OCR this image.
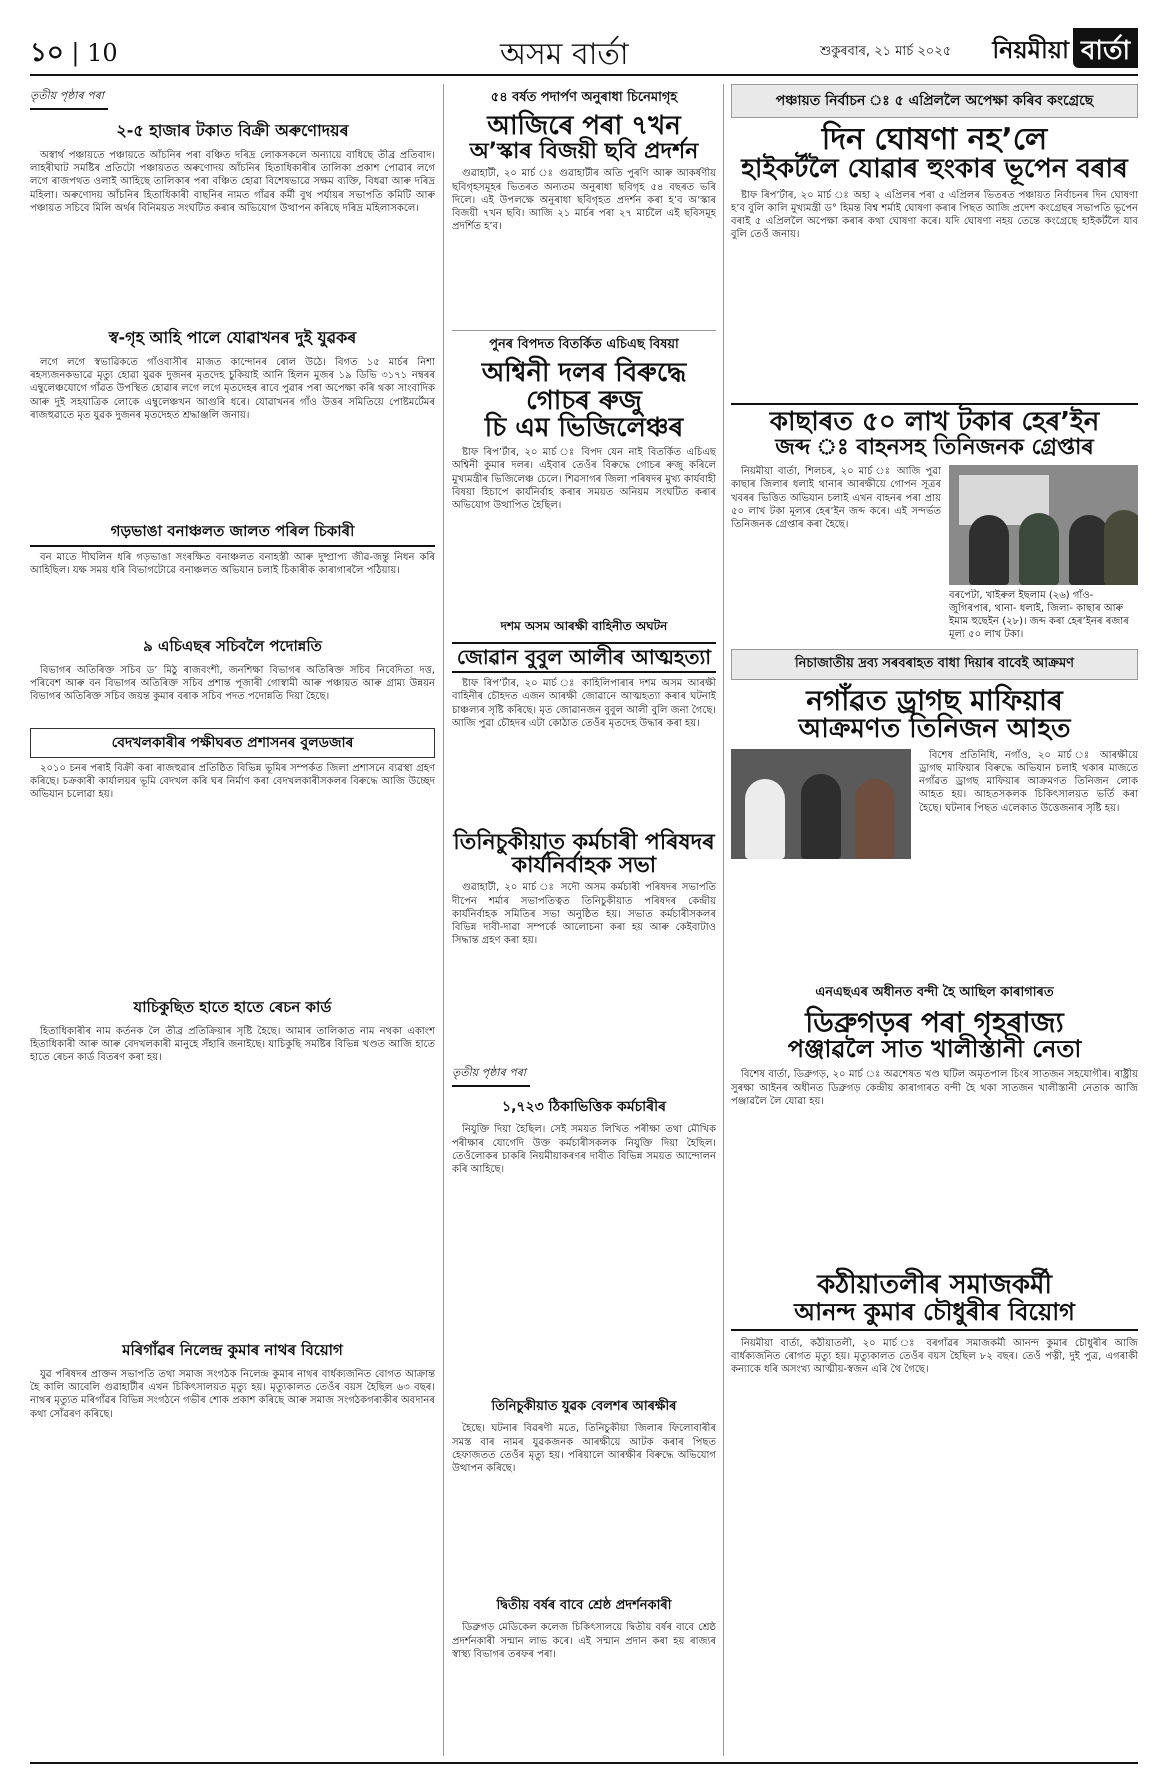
১০ | 10	অসম বাৰ্তা	শুকুৰবাৰ, ২১ মাৰ্চ ২০২৫ নিয়মীয়া বাৰ্তা
তৃতীয় পৃষ্ঠাৰ পৰা
২-৫ হাজাৰ টকাত বিক্ৰী অৰুণোদয়ৰ

অস্বাৰ্থ পঞ্চায়তে পঞ্চায়তে আঁচনিৰ পৰা বঞ্চিত দৰিদ্ৰ লোকসকলে অন্যায়ে বাধিছে তীব্ৰ প্ৰতিবাদ। লাহৰীঘাট সমষ্টিৰ প্ৰতিটো পঞ্চায়তত অৰুণোদয় আঁচনিৰ হিতাধিকাৰীৰ তালিকা প্ৰকাশ পোৱাৰ লগে লগে ৰাজপথত ওলাই আহিছে তালিকাৰ পৰা বঞ্চিত হোৱা বিশেষভাৱে সক্ষম ব্যক্তি, বিধৱা আৰু দৰিদ্ৰ মহিলা। অৰুণোদয় আঁচনিৰ হিতাধিকাৰী বাছনিৰ নামত গাঁৱৰ কৰ্মী বুথ পৰ্যায়ৰ সভাপতি কমিটি আৰু পঞ্চায়ত সচিবে মিলি অৰ্থৰ বিনিময়ত সংঘটিত কৰাৰ অভিযোগ উত্থাপন কৰিছে দৰিদ্ৰ মহিলাসকলে।

স্ব-গৃহ আহি পালে যোৱাখনৰ দুই যুৱকৰ

লগে লগে স্বভাৱিকতে গাঁওবাসীৰ মাজত কান্দোনৰ ৰোল উঠে। বিগত ১৫ মাৰ্চৰ নিশা ৰহস্যজনকভাৱে মৃত্যু হোৱা যুৱক দুজনৰ মৃতদেহ চুকিয়াই আনি হিলন মুজৰ ১৯ ডিভি ৩১৭১ নম্বৰৰ এম্বুলেঞ্চযোগে গাঁৱত উপস্থিত হোৱাৰ লগে লগে মৃতদেহৰ ৰাবে পুৱাৰ পৰা অপেক্ষা কৰি থকা সাংবাদিক আৰু দুই সহযাত্ৰিক লোকে এম্বুলেঞ্চখন আগুৰি ধৰে। যোৱাখনৰ গাঁও উত্তৰ সমিতিয়ে পোষ্টমৰ্টেমৰ ৰাজহুৱাতে মৃত যুৱক দুজনৰ মৃতদেহত শ্ৰদ্ধাঞ্জলি জনায়।

গড়ভাঙা বনাঞ্চলত জালত পৰিল চিকাৰী

বন মাতে দীঘলিন ধৰি গড়ভাঙা সংৰক্ষিত বনাঞ্চলত বনাহস্তী আৰু দুষ্প্ৰাপ্য জীৱ-জন্তু নিধন কৰি আহিছিল। যক্ষ সময় ধৰি বিভাগটোৱে বনাঞ্চলত অভিযান চলাই চিকাৰীক কাৰাগাৰলৈ পঠিয়ায়।

৯ এচিএছৰ সচিবলৈ পদোন্নতি

বিভাগৰ অতিৰিক্ত সচিব ড’ মিঠু ৰাজবংশী, জনশিক্ষা বিভাগৰ অতিৰিক্ত সচিব নিবেদিতা দত্ত, পৰিবেশ আৰু বন বিভাগৰ অতিৰিক্ত সচিব প্ৰশান্ত পূজাৰী গোস্বামী আৰু পঞ্চায়ত আৰু গ্ৰাম্য উন্নয়ন বিভাগৰ অতিৰিক্ত সচিব জয়ন্ত কুমাৰ বৰাক সচিব পদত পদোন্নতি দিয়া হৈছে।

বেদখলকাৰীৰ পক্ষীঘৰত প্ৰশাসনৰ বুলডজাৰ

২০১০ চনৰ পৰাই বিক্ৰী কৰা ৰাজহুৱাৰ প্ৰতিষ্ঠিত বিভিন্ন ভূমিৰ সম্পৰ্কত জিলা প্ৰশাসনে ব্যৱস্থা গ্ৰহণ কৰিছে। চক্ৰকাৰী কাৰ্যালয়ৰ ভূমি বেদখল কৰি ঘৰ নিৰ্মাণ কৰা বেদখলকাৰীসকলৰ বিৰুদ্ধে আজি উচ্ছেদ অভিযান চলোৱা হয়।

যাচিকুছিত হাতে হাতে ৰেচন কাৰ্ড

হিতাধিকাৰীৰ নাম কৰ্তনক লৈ তীব্ৰ প্ৰতিক্ৰিয়াৰ সৃষ্টি হৈছে। আমাৰ তালিকাত নাম নথকা একাংশ হিতাধিকাৰী আৰু আৰু বেদখলকাৰী মানুহে সঁহাৰি জনাইছে। যাচিকুছি সমষ্টিৰ বিভিন্ন খণ্ডত আজি হাতে হাতে ৰেচন কাৰ্ড বিতৰণ কৰা হয়।

মৰিগাঁৱৰ নিলেন্দ্ৰ কুমাৰ নাথৰ বিয়োগ

যুৱ পৰিষদৰ প্ৰাক্তন সভাপতি তথা সমাজ সংগঠক নিলেন্দ্ৰ কুমাৰ নাথৰ বাৰ্ধক্যজনিত বোগত আক্ৰান্ত হৈ কালি আবেলি গুৱাহাটীৰ এখন চিকিৎসালয়ত মৃত্যু হয়। মৃত্যুকালত তেওঁৰ বয়স হৈছিল ৬৩ বছৰ। নাথৰ মৃত্যুত মৰিগাঁৱৰ বিভিন্ন সংগঠনে গভীৰ শোক প্ৰকাশ কৰিছে আৰু সমাজ সংগঠকগৰাকীৰ অবদানৰ কথা সোঁৱৰণ কৰিছে।

৫৪ বৰ্ষত পদাৰ্পণ অনুৰাধা চিনেমাগৃহ
আজিৰে পৰা ৭খন
অ’স্কাৰ বিজয়ী ছবি প্ৰদৰ্শন

গুৱাহাটী, ২০ মাৰ্চ ঃ গুৱাহাটীৰ অতি পুৰণি আৰু আকৰ্ষণীয় ছবিগৃহসমূহৰ ভিতৰত অন্যতম অনুৰাধা ছবিগৃহ ৫৪ বছৰত ভৰি দিলে। এই উপলক্ষে অনুৰাধা ছবিগৃহত প্ৰদৰ্শন কৰা হ’ব অ’স্কাৰ বিজয়ী ৭খন ছবি। আজি ২১ মাৰ্চৰ পৰা ২৭ মাৰ্চলৈ এই ছবিসমূহ প্ৰদৰ্শিত হ’ব।

পুনৰ বিপদত বিতৰ্কিত এচিএছ বিষয়া
অশ্বিনী দলৰ বিৰুদ্ধে গোচৰ ৰুজু
চি এম ভিজিলেঞ্চৰ

ষ্টাফ ৰিপ’ৰ্টাৰ, ২০ মাৰ্চ ঃ বিপদ যেন নাই বিতৰ্কিত এচিএছ অশ্বিনী কুমাৰ দলৰ। এইবাৰ তেওঁৰ বিৰুদ্ধে গোচৰ ৰুজু কৰিলে মুখ্যমন্ত্ৰীৰ ভিজিলেঞ্চ চেলে। শিৱসাগৰ জিলা পৰিষদৰ মুখ্য কাৰ্যবাহী বিষয়া হিচাপে কাৰ্যনিৰ্বাহ কৰাৰ সময়ত অনিয়ম সংঘটিত কৰাৰ অভিযোগ উত্থাপিত হৈছিল।

দশম অসম আৰক্ষী বাহিনীত অঘটন
জোৱান বুবুল আলীৰ আত্মহত্যা

ষ্টাফ ৰিপ’ৰ্টাৰ, ২০ মাৰ্চ ঃ কাহিলিপাৰাৰ দশম অসম আৰক্ষী বাহিনীৰ চৌহদত এজন আৰক্ষী জোৱানে আত্মহত্যা কৰাৰ ঘটনাই চাঞ্চল্যৰ সৃষ্টি কৰিছে। মৃত জোৱানজন বুবুল আলী বুলি জনা গৈছে। আজি পুৱা চৌহদৰ এটা কোঠাত তেওঁৰ মৃতদেহ উদ্ধাৰ কৰা হয়।

তিনিচুকীয়াত কৰ্মচাৰী পৰিষদৰ কাৰ্যনিৰ্বাহক সভা

গুৱাহাটী, ২০ মাৰ্চ ঃ সদৌ অসম কৰ্মচাৰী পৰিষদৰ সভাপতি দীপেন শৰ্মাৰ সভাপতিত্বত তিনিচুকীয়াত পৰিষদৰ কেন্দ্ৰীয় কাৰ্যনিৰ্বাহক সমিতিৰ সভা অনুষ্ঠিত হয়। সভাত কৰ্মচাৰীসকলৰ বিভিন্ন দাবী-দাৱা সম্পৰ্কে আলোচনা কৰা হয় আৰু কেইবাটাও সিদ্ধান্ত গ্ৰহণ কৰা হয়।

তৃতীয় পৃষ্ঠাৰ পৰা
১,৭২৩ ঠিকাভিত্তিক কৰ্মচাৰীৰ

নিযুক্তি দিয়া হৈছিল। সেই সময়ত লিখিত পৰীক্ষা তথা মৌখিক পৰীক্ষাৰ যোগেদি উক্ত কৰ্মচাৰীসকলক নিযুক্তি দিয়া হৈছিল। তেওঁলোকৰ চাকৰি নিয়মীয়াকৰণৰ দাবীত বিভিন্ন সময়ত আন্দোলন কৰি আহিছে।

তিনিচুকীয়াত যুৱক বেলশৰ আৰক্ষীৰ

হৈছে। ঘটনাৰ বিৱৰণী মতে, তিনিচুকীয়া জিলাৰ ফিলোবাৰীৰ সমস্ত বাৰ নামৰ যুৱকজনক আৰক্ষীয়ে আটক কৰাৰ পিছত হেফাজতত তেওঁৰ মৃত্যু হয়। পৰিয়ালে আৰক্ষীৰ বিৰুদ্ধে অভিযোগ উত্থাপন কৰিছে।

দ্বিতীয় বৰ্ষৰ বাবে শ্ৰেষ্ঠ প্ৰদৰ্শনকাৰী

ডিব্ৰুগড় মেডিকেল কলেজ চিকিৎসালয়ে দ্বিতীয় বৰ্ষৰ বাবে শ্ৰেষ্ঠ প্ৰদৰ্শনকাৰী সন্মান লাভ কৰে। এই সন্মান প্ৰদান কৰা হয় ৰাজ্যৰ স্বাস্থ্য বিভাগৰ তৰফৰ পৰা।

পঞ্চায়ত নিৰ্বাচন ঃ ৫ এপ্ৰিললৈ অপেক্ষা কৰিব কংগ্ৰেছে
দিন ঘোষণা নহ’লে
হাইকৰ্টলৈ যোৱাৰ হুংকাৰ ভূপেন বৰাৰ

ষ্টাফ ৰিপ’ৰ্টাৰ, ২০ মাৰ্চ ঃ অহা ২ এপ্ৰিলৰ পৰা ৫ এপ্ৰিলৰ ভিতৰত পঞ্চায়ত নিৰ্বাচনৰ দিন ঘোষণা হ’ব বুলি কালি মুখ্যমন্ত্ৰী ড° হিমন্ত বিশ্ব শৰ্মাই ঘোষণা কৰাৰ পিছত আজি প্ৰদেশ কংগ্ৰেছৰ সভাপতি ভূপেন বৰাই ৫ এপ্ৰিললৈ অপেক্ষা কৰাৰ কথা ঘোষণা কৰে। যদি ঘোষণা নহয় তেন্তে কংগ্ৰেছে হাইকৰ্টলৈ যাব বুলি তেওঁ জনায়।

কাছাৰত ৫০ লাখ টকাৰ হেৰ’ইন
জব্দ ঃ বাহনসহ তিনিজনক গ্ৰেপ্তাৰ

নিয়মীয়া বাৰ্তা, শিলচৰ, ২০ মাৰ্চ ঃ আজি পুৱা কাছাৰ জিলাৰ ধলাই থানাৰ আৰক্ষীয়ে গোপন সূত্ৰৰ খবৰৰ ভিত্তিত অভিযান চলাই এখন বাহনৰ পৰা প্ৰায় ৫০ লাখ টকা মূল্যৰ হেৰ’ইন জব্দ কৰে। এই সন্দৰ্ভত তিনিজনক গ্ৰেপ্তাৰ কৰা হৈছে।

বৰপেটা, খাইৰুল ইছলাম (২৬) গাঁও- জুগিৰপাৰ, থানা- ধলাই, জিলা- কাছাৰ আৰু ইমাম হুছেইন (২৮)। জব্দ কৰা হেৰ’ইনৰ ৰজাৰ মূল্য ৫০ লাখ টকা।
নিচাজাতীয় দ্ৰব্য সৰবৰাহত বাধা দিয়াৰ বাবেই আক্ৰমণ
নগাঁৱত ড্ৰাগছ মাফিয়াৰ
আক্ৰমণত তিনিজন আহত

বিশেষ প্ৰতিনিধি, নগাঁও, ২০ মাৰ্চ ঃ আৰক্ষীয়ে ড্ৰাগছ মাফিয়াৰ বিৰুদ্ধে অভিযান চলাই থকাৰ মাজতে নগাঁৱত ড্ৰাগছ মাফিয়াৰ আক্ৰমণত তিনিজন লোক আহত হয়। আহতসকলক চিকিৎসালয়ত ভৰ্তি কৰা হৈছে। ঘটনাৰ পিছত এলেকাত উত্তেজনাৰ সৃষ্টি হয়।

এনএছএৰ অধীনত বন্দী হৈ আছিল কাৰাগাৰত
ডিব্ৰুগড়ৰ পৰা গৃহৰাজ্য
পঞ্জাৱলৈ সাত খালীস্তানী নেতা

বিশেষ বাৰ্তা, ডিব্ৰুগড়, ২০ মাৰ্চ ঃ অৱশেষত খণ্ড ঘটিল অমৃতপাল চিংৰ সাতজন সহযোগীৰ। ৰাষ্ট্ৰীয় সুৰক্ষা আইনৰ অধীনত ডিব্ৰুগড় কেন্দ্ৰীয় কাৰাগাৰত বন্দী হৈ থকা সাতজন খালীস্তানী নেতাক আজি পঞ্জাৱলৈ লৈ যোৱা হয়।

কঠীয়াতলীৰ সমাজকৰ্মী
আনন্দ কুমাৰ চৌধুৰীৰ বিয়োগ

নিয়মীয়া বাৰ্তা, কঠীয়াতলী, ২০ মাৰ্চ ঃ বৰগাঁৱৰ সমাজকৰ্মী আনন্দ কুমাৰ চৌধুৰীৰ আজি বাৰ্ধক্যজনিত ৰোগত মৃত্যু হয়। মৃত্যুকালত তেওঁৰ বয়স হৈছিল ৮২ বছৰ। তেওঁ পত্নী, দুই পুত্ৰ, এগৰাকী কন্যাকে ধৰি অসংখ্য আত্মীয়-স্বজন এৰি থৈ গৈছে।
